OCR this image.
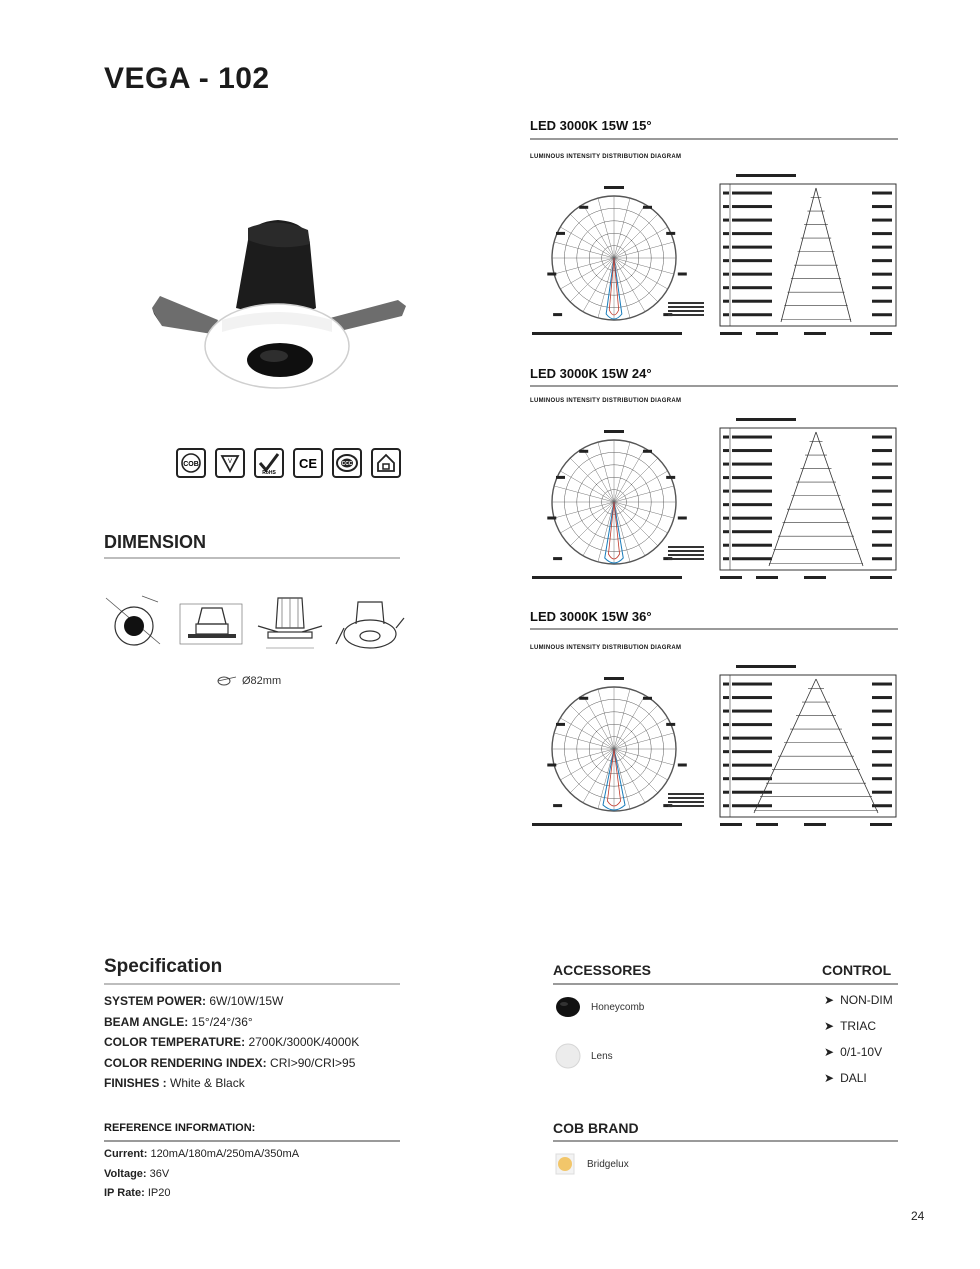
VEGA - 102
COB	V
RoHS
CE	CCC
DIMENSION
Ø82mm
LED 3000K 15W 15°
LUMINOUS INTENSITY DISTRIBUTION DIAGRAM
LED 3000K 15W 24°
LUMINOUS INTENSITY DISTRIBUTION DIAGRAM
LED 3000K 15W 36°
LUMINOUS INTENSITY DISTRIBUTION DIAGRAM
Specification
SYSTEM POWER: 6W/10W/15W
BEAM ANGLE: 15°/24°/36°
COLOR TEMPERATURE: 2700K/3000K/4000K
COLOR RENDERING INDEX: CRI>90/CRI>95
FINISHES : White & Black
REFERENCE INFORMATION:
Current: 120mA/180mA/250mA/350mA
Voltage: 36V
IP Rate: IP20
ACCESSORES	CONTROL
Honeycomb
Lens
➤ NON-DIM
➤ TRIAC
➤ 0/1-10V
➤ DALI
COB BRAND
Bridgelux
24
